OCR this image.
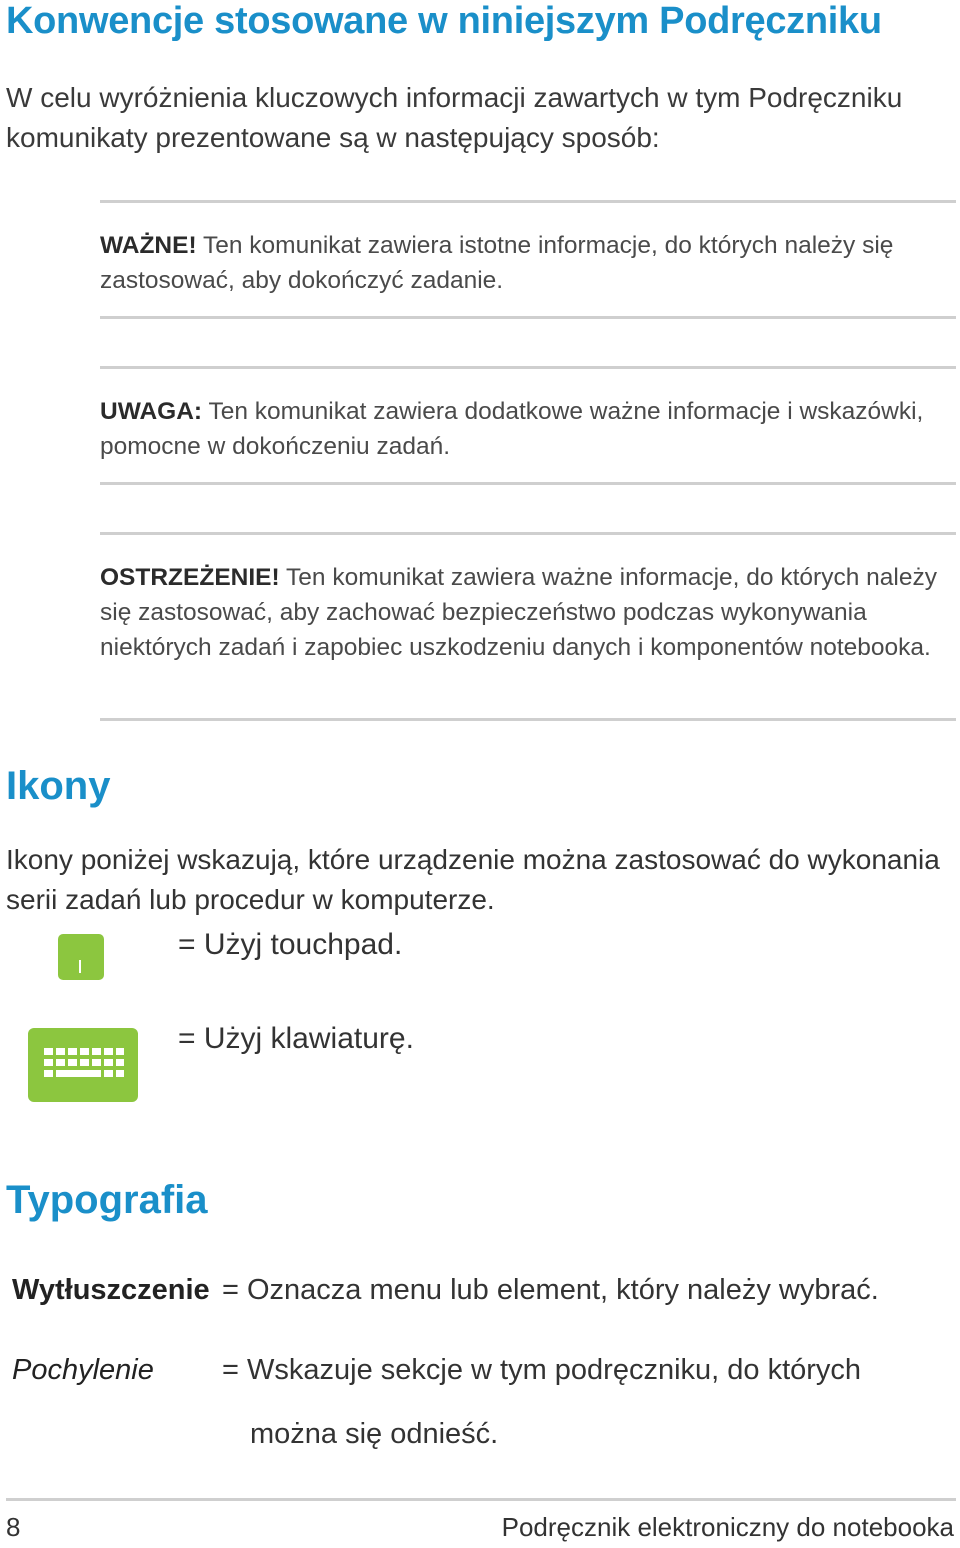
Konwencje stosowane w niniejszym Podręczniku
W celu wyróżnienia kluczowych informacji zawartych w tym Podręczniku komunikaty prezentowane są w następujący sposób:
WAŻNE! Ten komunikat zawiera istotne informacje, do których należy się zastosować, aby dokończyć zadanie.
UWAGA: Ten komunikat zawiera dodatkowe ważne informacje i wskazówki, pomocne w dokończeniu zadań.
OSTRZEŻENIE! Ten komunikat zawiera ważne informacje, do których należy się zastosować, aby zachować bezpieczeństwo podczas wykonywania niektórych zadań i zapobiec uszkodzeniu danych i komponentów notebooka.
Ikony
Ikony poniżej wskazują, które urządzenie można zastosować do wykonania serii zadań lub procedur w komputerze.
= Użyj touchpad.
= Użyj klawiaturę.
Typografia
Wytłuszczenie = Oznacza menu lub element, który należy wybrać.
Pochylenie = Wskazuje sekcje w tym podręczniku, do których
można się odnieść.
8	Podręcznik elektroniczny do notebooka
